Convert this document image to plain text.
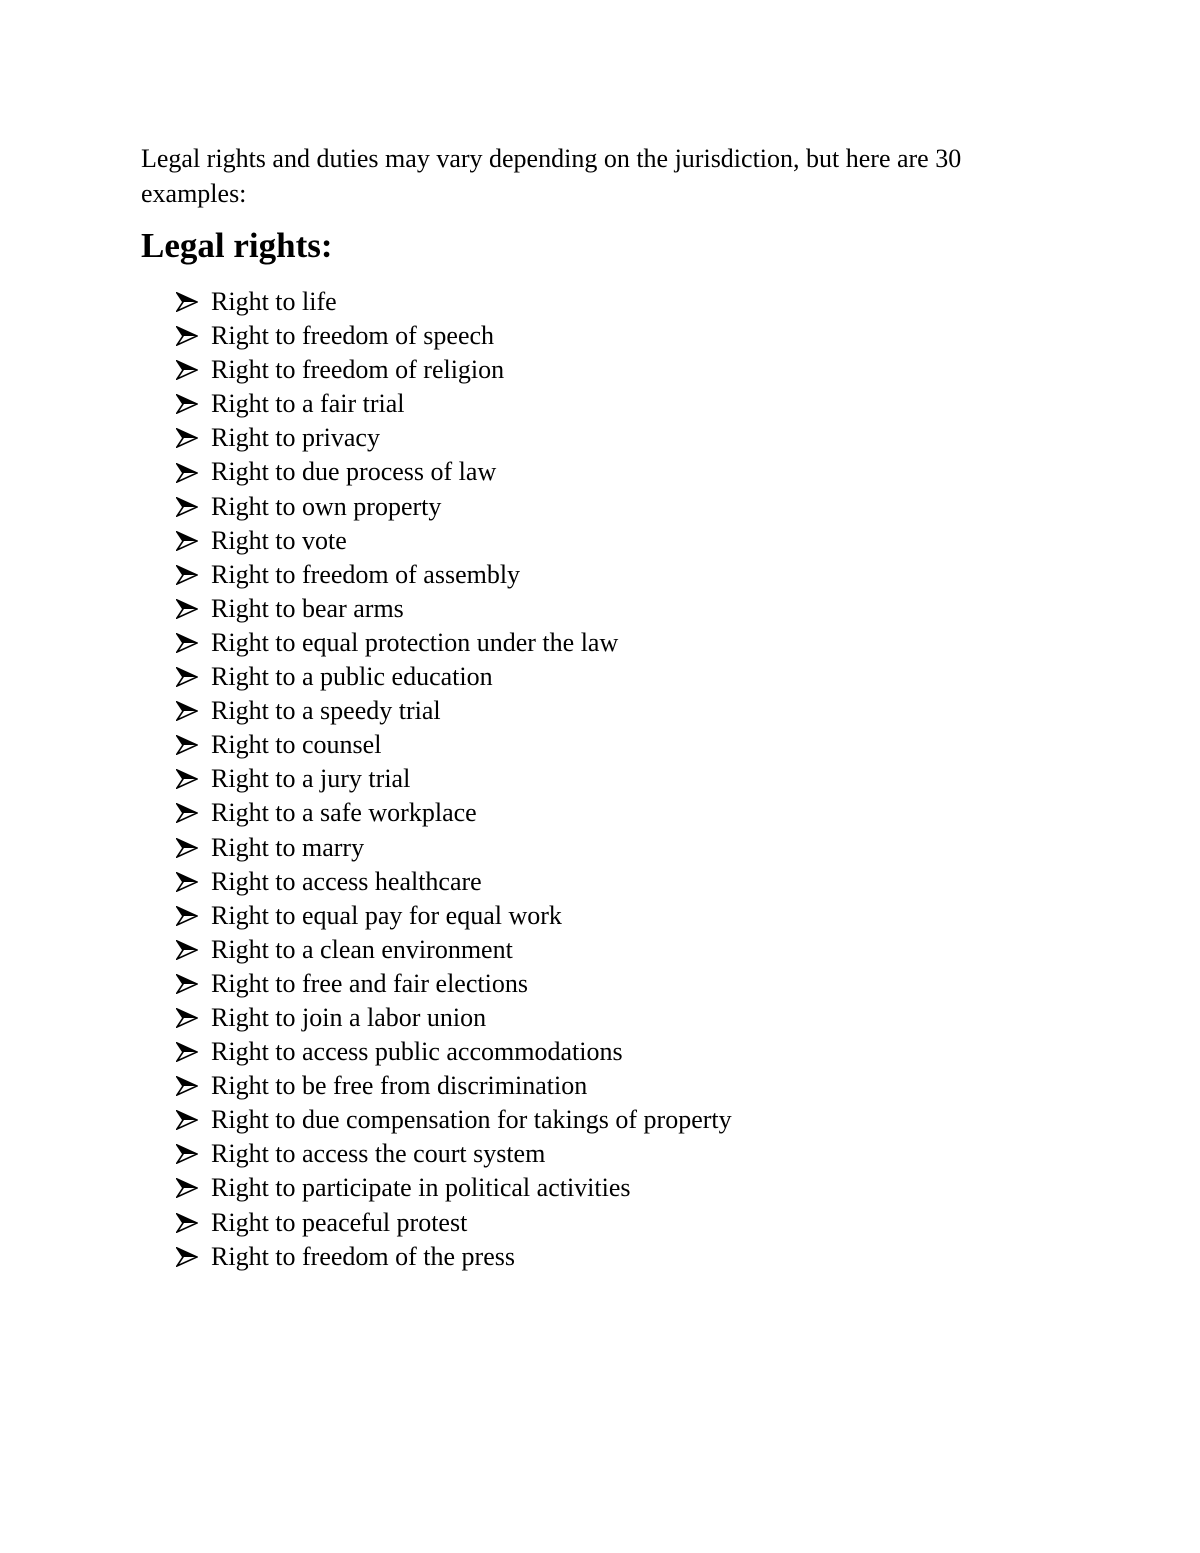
Legal rights and duties may vary depending on the jurisdiction, but here are 30 examples:

Legal rights:
Right to life
Right to freedom of speech
Right to freedom of religion
Right to a fair trial
Right to privacy
Right to due process of law
Right to own property
Right to vote
Right to freedom of assembly
Right to bear arms
Right to equal protection under the law
Right to a public education
Right to a speedy trial
Right to counsel
Right to a jury trial
Right to a safe workplace
Right to marry
Right to access healthcare
Right to equal pay for equal work
Right to a clean environment
Right to free and fair elections
Right to join a labor union
Right to access public accommodations
Right to be free from discrimination
Right to due compensation for takings of property
Right to access the court system
Right to participate in political activities
Right to peaceful protest
Right to freedom of the press
